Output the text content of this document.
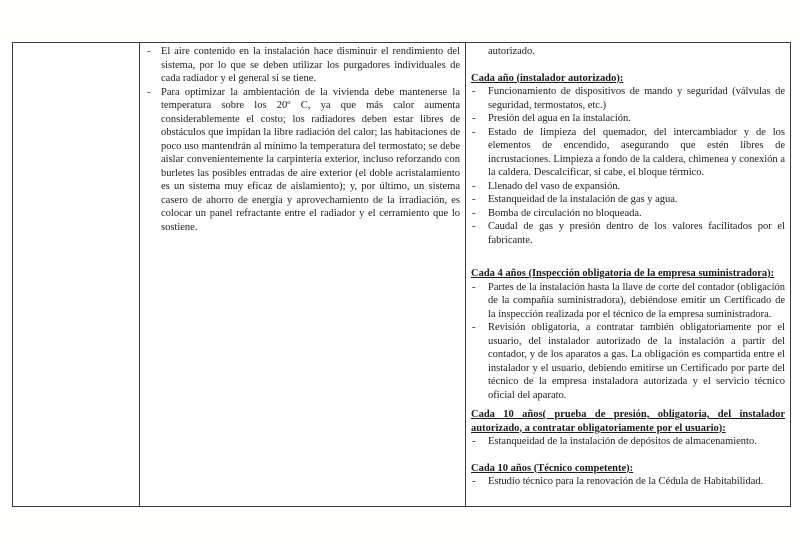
- El aire contenido en la instalación hace disminuir el rendimiento del sistema, por lo que se deben utilizar los purgadores individuales de cada radiador y el general si se tiene.
- Para optimizar la ambientación de la vivienda debe mantenerse la temperatura sobre los 20º C, ya que más calor aumenta considerablemente el costo; los radiadores deben estar libres de obstáculos que impidan la libre radiación del calor; las habitaciones de poco uso mantendrán al mínimo la temperatura del termostato; se debe aislar convenientemente la carpintería exterior, incluso reforzando con burletes las posibles entradas de aire exterior (el doble acristalamiento es un sistema muy eficaz de aislamiento); y, por último, un sistema casero de ahorro de energía y aprovechamiento de la irradiación, es colocar un panel refractante entre el radiador y el cerramiento que lo sostiene.
autorizado.
Cada año (instalador autorizado):
- Funcionamiento de dispositivos de mando y seguridad (válvulas de seguridad, termostatos, etc.)
- Presión del agua en la instalación.
- Estado de limpieza del quemador, del intercambiador y de los elementos de encendido, asegurando que estén libres de incrustaciones. Limpieza a fondo de la caldera, chimenea y conexión a la caldera. Descalcificar, si cabe, el bloque térmico.
- Llenado del vaso de expansión.
- Estanqueidad de la instalación de gas y agua.
- Bomba de circulación no bloqueada.
- Caudal de gas y presión dentro de los valores facilitados por el fabricante.
Cada 4 años (Inspección obligatoria de la empresa suministradora):
- Partes de la instalación hasta la llave de corte del contador (obligación de la compañía suministradora), debiéndose emitir un Certificado de la inspección realizada por el técnico de la empresa suministradora.
- Revisión obligatoria, a contratar también obligatoriamente por el usuario, del instalador autorizado de la instalación a partir del contador, y de los aparatos a gas. La obligación es compartida entre el instalador y el usuario, debiendo emitirse un Certificado por parte del técnico de la empresa instaladora autorizada y el servicio técnico oficial del aparato.
Cada 10 años( prueba de presión, obligatoria, del instalador autorizado, a contratar obligatoriamente por el usuario):
- Estanqueidad de la instalación de depósitos de almacenamiento.
Cada 10 años (Técnico competente):
- Estudio técnico para la renovación de la Cédula de Habitabilidad.
